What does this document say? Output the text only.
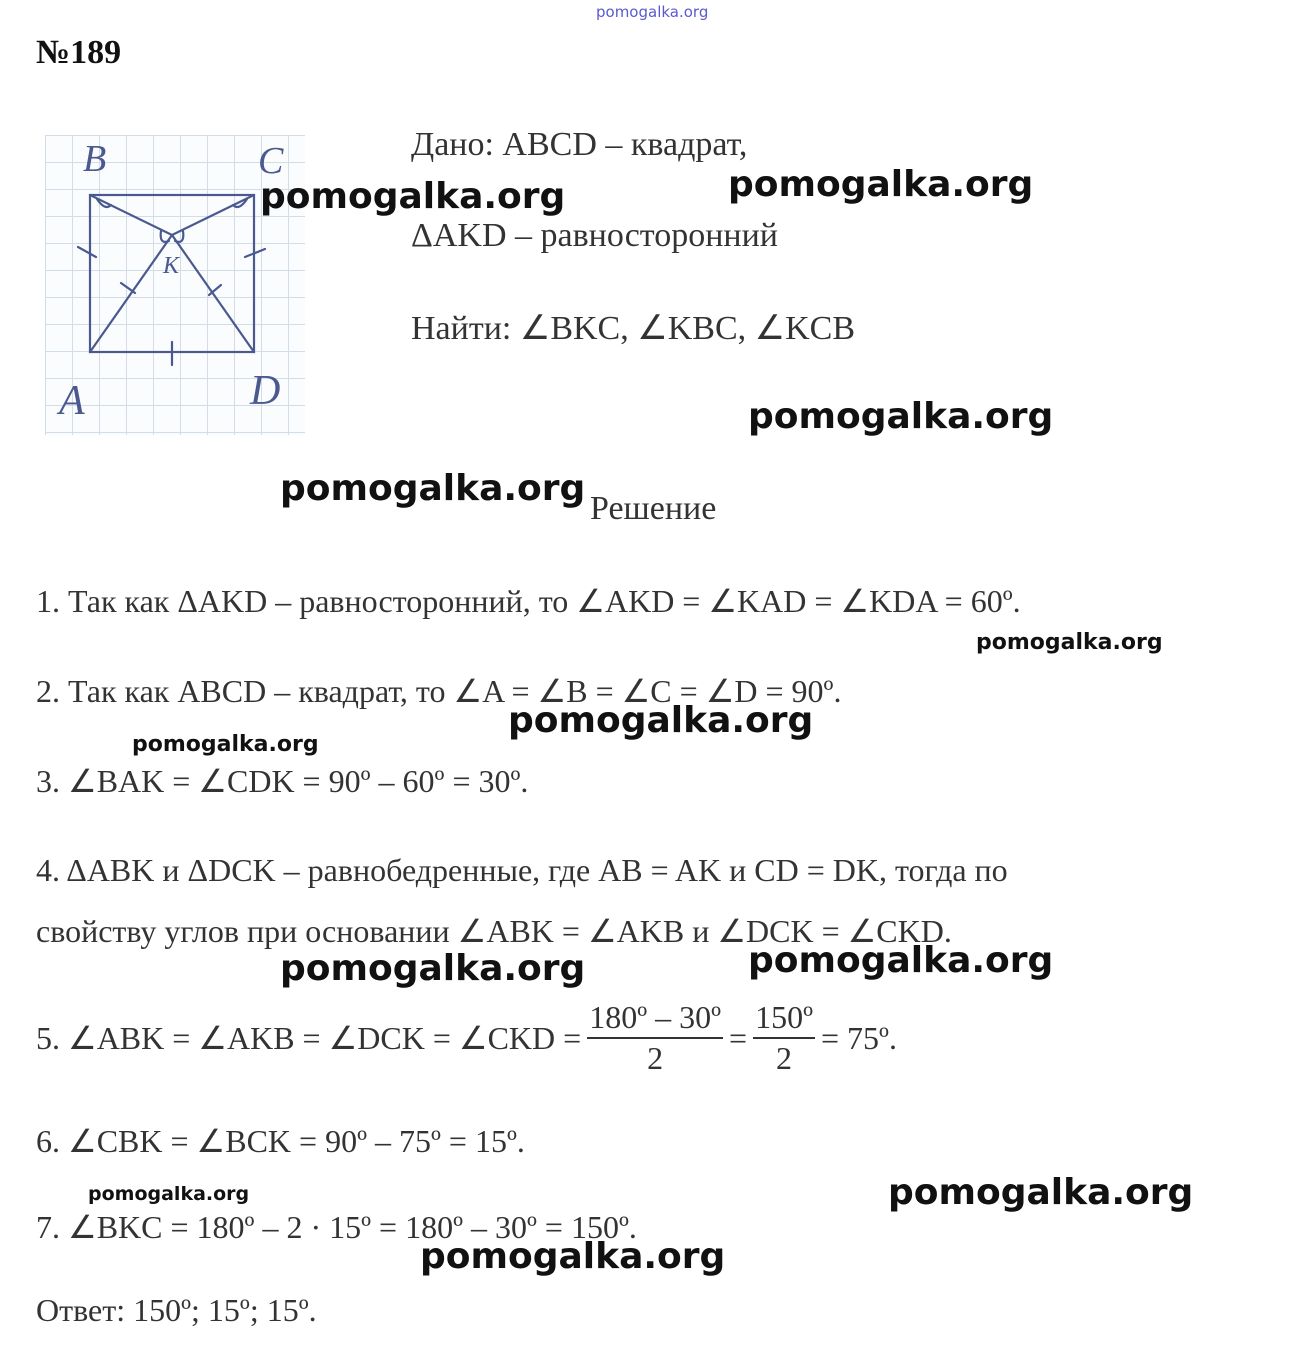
pomogalka.org
№189
B	C
K
A	D
Дано: ABCD – квадрат,
ΔAKD – равносторонний
Найти: ∠BKC, ∠KBC, ∠KCB
Решение
1. Так как ΔAKD – равносторонний, то ∠AKD = ∠KAD = ∠KDA = 60º.
2. Так как ABCD – квадрат, то ∠A = ∠B = ∠C = ∠D = 90º.
3. ∠BAK = ∠CDK = 90º – 60º = 30º.
4. ΔABK и ΔDCK – равнобедренные, где AB = AK и CD = DK, тогда по
свойству углов при основании ∠ABK = ∠AKB и ∠DCK = ∠CKD.
5. ∠ABK = ∠AKB = ∠DCK = ∠CKD = $\frac{\text{180º – 30º}}{2} = \frac{\text{150º}}{2}$ = 75º.
6. ∠CBK = ∠BCK = 90º – 75º = 15º.
7. ∠BKC = 180º – 2 · 15º = 180º – 30º = 150º.
Ответ: 150º; 15º; 15º.
pomogalka.org	pomogalka.org
pomogalka.org
pomogalka.org
pomogalka.org
pomogalka.org
pomogalka.org
pomogalka.org
pomogalka.org
pomogalka.org
pomogalka.org
pomogalka.org
